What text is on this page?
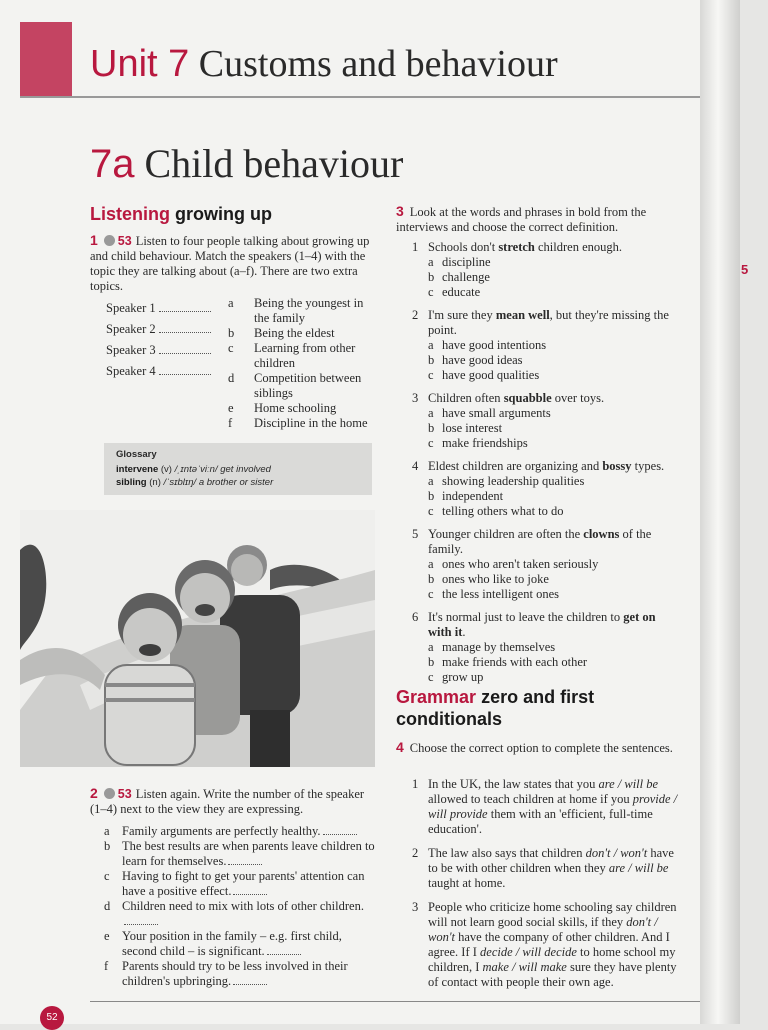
5
Unit 7 Customs and behaviour
7a Child behaviour
Listening growing up
1 53 Listen to four people talking about growing up and child behaviour. Match the speakers (1–4) with the topic they are talking about (a–f). There are two extra topics.
Speaker 1
Speaker 2
Speaker 3
Speaker 4
a Being the youngest in the family
b Being the eldest
c Learning from other children
d Competition between siblings
e Home schooling
f Discipline in the home
Glossary
intervene (v) /ˌɪntəˈviːn/ get involved
sibling (n) /ˈsɪblɪŋ/ a brother or sister
2 53 Listen again. Write the number of the speaker (1–4) next to the view they are expressing.
a Family arguments are perfectly healthy.
b The best results are when parents leave children to learn for themselves.
c Having to fight to get your parents' attention can have a positive effect.
d Children need to mix with lots of other children.
e Your position in the family – e.g. first child, second child – is significant.
f Parents should try to be less involved in their children's upbringing.
3 Look at the words and phrases in bold from the interviews and choose the correct definition.
1 Schools don't stretch children enough.
a discipline
b challenge
c educate
2 I'm sure they mean well, but they're missing the point.
a have good intentions
b have good ideas
c have good qualities
3 Children often squabble over toys.
a have small arguments
b lose interest
c make friendships
4 Eldest children are organizing and bossy types.
a showing leadership qualities
b independent
c telling others what to do
5 Younger children are often the clowns of the family.
a ones who aren't taken seriously
b ones who like to joke
c the less intelligent ones
6 It's normal just to leave the children to get on with it.
a manage by themselves
b make friends with each other
c grow up
Grammar zero and first conditionals
4 Choose the correct option to complete the sentences.
1 In the UK, the law states that you are / will be allowed to teach children at home if you provide / will provide them with an 'efficient, full-time education'.
2 The law also says that children don't / won't have to be with other children when they are / will be taught at home.
3 People who criticize home schooling say children will not learn good social skills, if they don't / won't have the company of other children. And I agree. If I decide / will decide to home school my children, I make / will make sure they have plenty of contact with people their own age.
52
